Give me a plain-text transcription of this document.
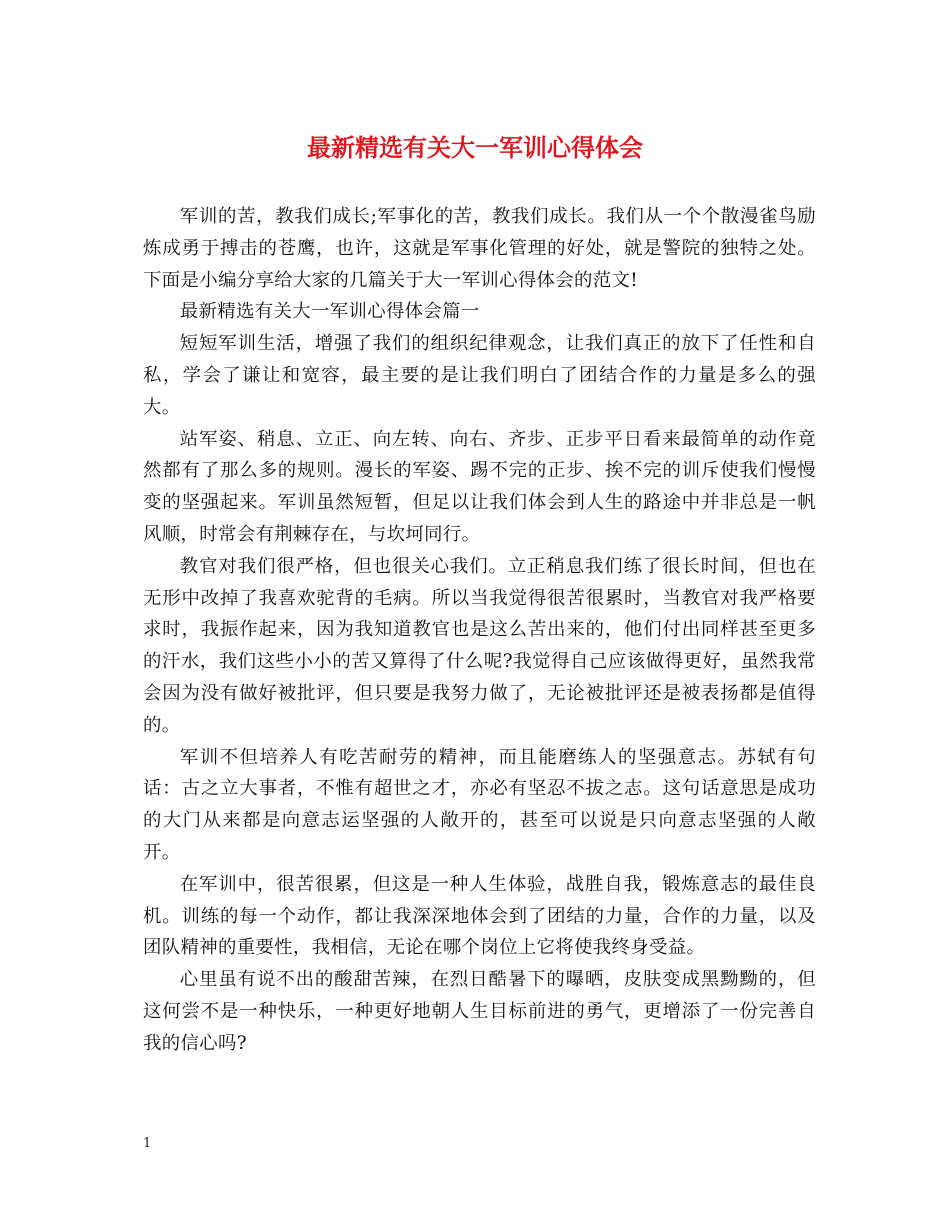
最新精选有关大一军训心得体会

军训的苦，教我们成长;军事化的苦，教我们成长。我们从一个个散漫雀鸟励炼成勇于搏击的苍鹰，也许，这就是军事化管理的好处，就是警院的独特之处。下面是小编分享给大家的几篇关于大一军训心得体会的范文!

最新精选有关大一军训心得体会篇一

短短军训生活，增强了我们的组织纪律观念，让我们真正的放下了任性和自私，学会了谦让和宽容，最主要的是让我们明白了团结合作的力量是多么的强大。

站军姿、稍息、立正、向左转、向右、齐步、正步平日看来最简单的动作竟然都有了那么多的规则。漫长的军姿、踢不完的正步、挨不完的训斥使我们慢慢变的坚强起来。军训虽然短暂，但足以让我们体会到人生的路途中并非总是一帆风顺，时常会有荆棘存在，与坎坷同行。

教官对我们很严格，但也很关心我们。立正稍息我们练了很长时间，但也在无形中改掉了我喜欢驼背的毛病。所以当我觉得很苦很累时，当教官对我严格要求时，我振作起来，因为我知道教官也是这么苦出来的，他们付出同样甚至更多的汗水，我们这些小小的苦又算得了什么呢?我觉得自己应该做得更好，虽然我常会因为没有做好被批评，但只要是我努力做了，无论被批评还是被表扬都是值得的。

军训不但培养人有吃苦耐劳的精神，而且能磨练人的坚强意志。苏轼有句话：古之立大事者，不惟有超世之才，亦必有坚忍不拔之志。这句话意思是成功的大门从来都是向意志运坚强的人敞开的，甚至可以说是只向意志坚强的人敞开。

在军训中，很苦很累，但这是一种人生体验，战胜自我，锻炼意志的最佳良机。训练的每一个动作，都让我深深地体会到了团结的力量，合作的力量，以及团队精神的重要性，我相信，无论在哪个岗位上它将使我终身受益。

心里虽有说不出的酸甜苦辣，在烈日酷暑下的曝晒，皮肤变成黑黝黝的，但这何尝不是一种快乐，一种更好地朝人生目标前进的勇气，更增添了一份完善自我的信心吗?

1
